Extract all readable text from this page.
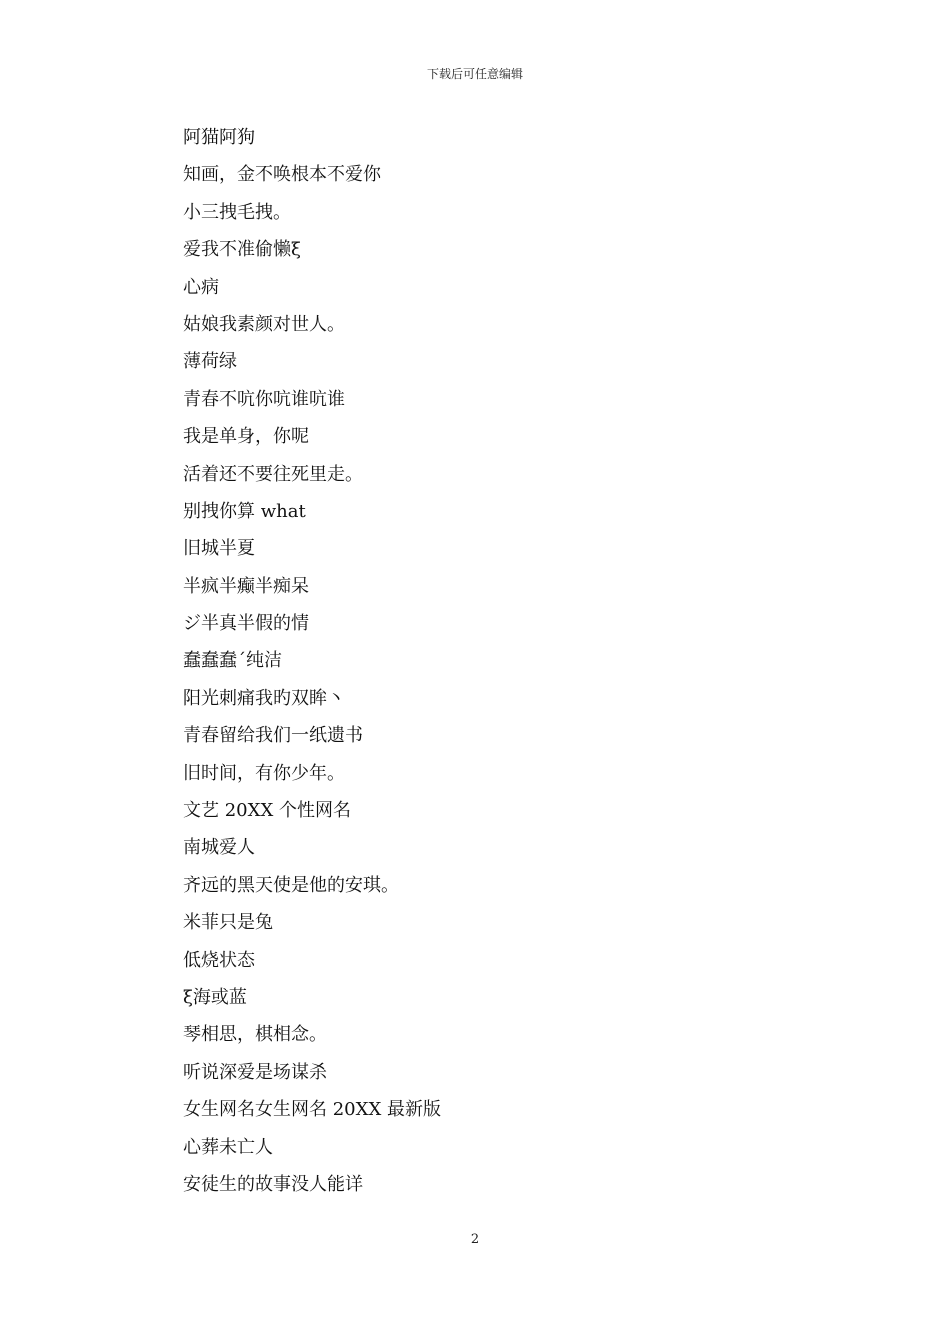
下载后可任意编辑
阿猫阿狗
知画，金不唤根本不爱你
小三拽毛拽。
爱我不准偷懒ξ
心病
姑娘我素颜对世人。
薄荷绿
青春不吭你吭谁吭谁
我是单身，你呢
活着还不要往死里走。
别拽你算 what
旧城半夏
半疯半癫半痴呆
ジ半真半假的情
蠢蠢蠢ˊ纯洁
阳光刺痛我旳双眸丶
青春留给我们一纸遗书
旧时间，有你少年。
文艺 20XX 个性网名
南城爱人
齐远的黑天使是他的安琪。
米菲只是兔
低烧状态
ξ海或蓝
琴相思，棋相念。
听说深爱是场谋杀
女生网名女生网名 20XX 最新版
心葬未亡人
安徒生的故事没人能详
2
